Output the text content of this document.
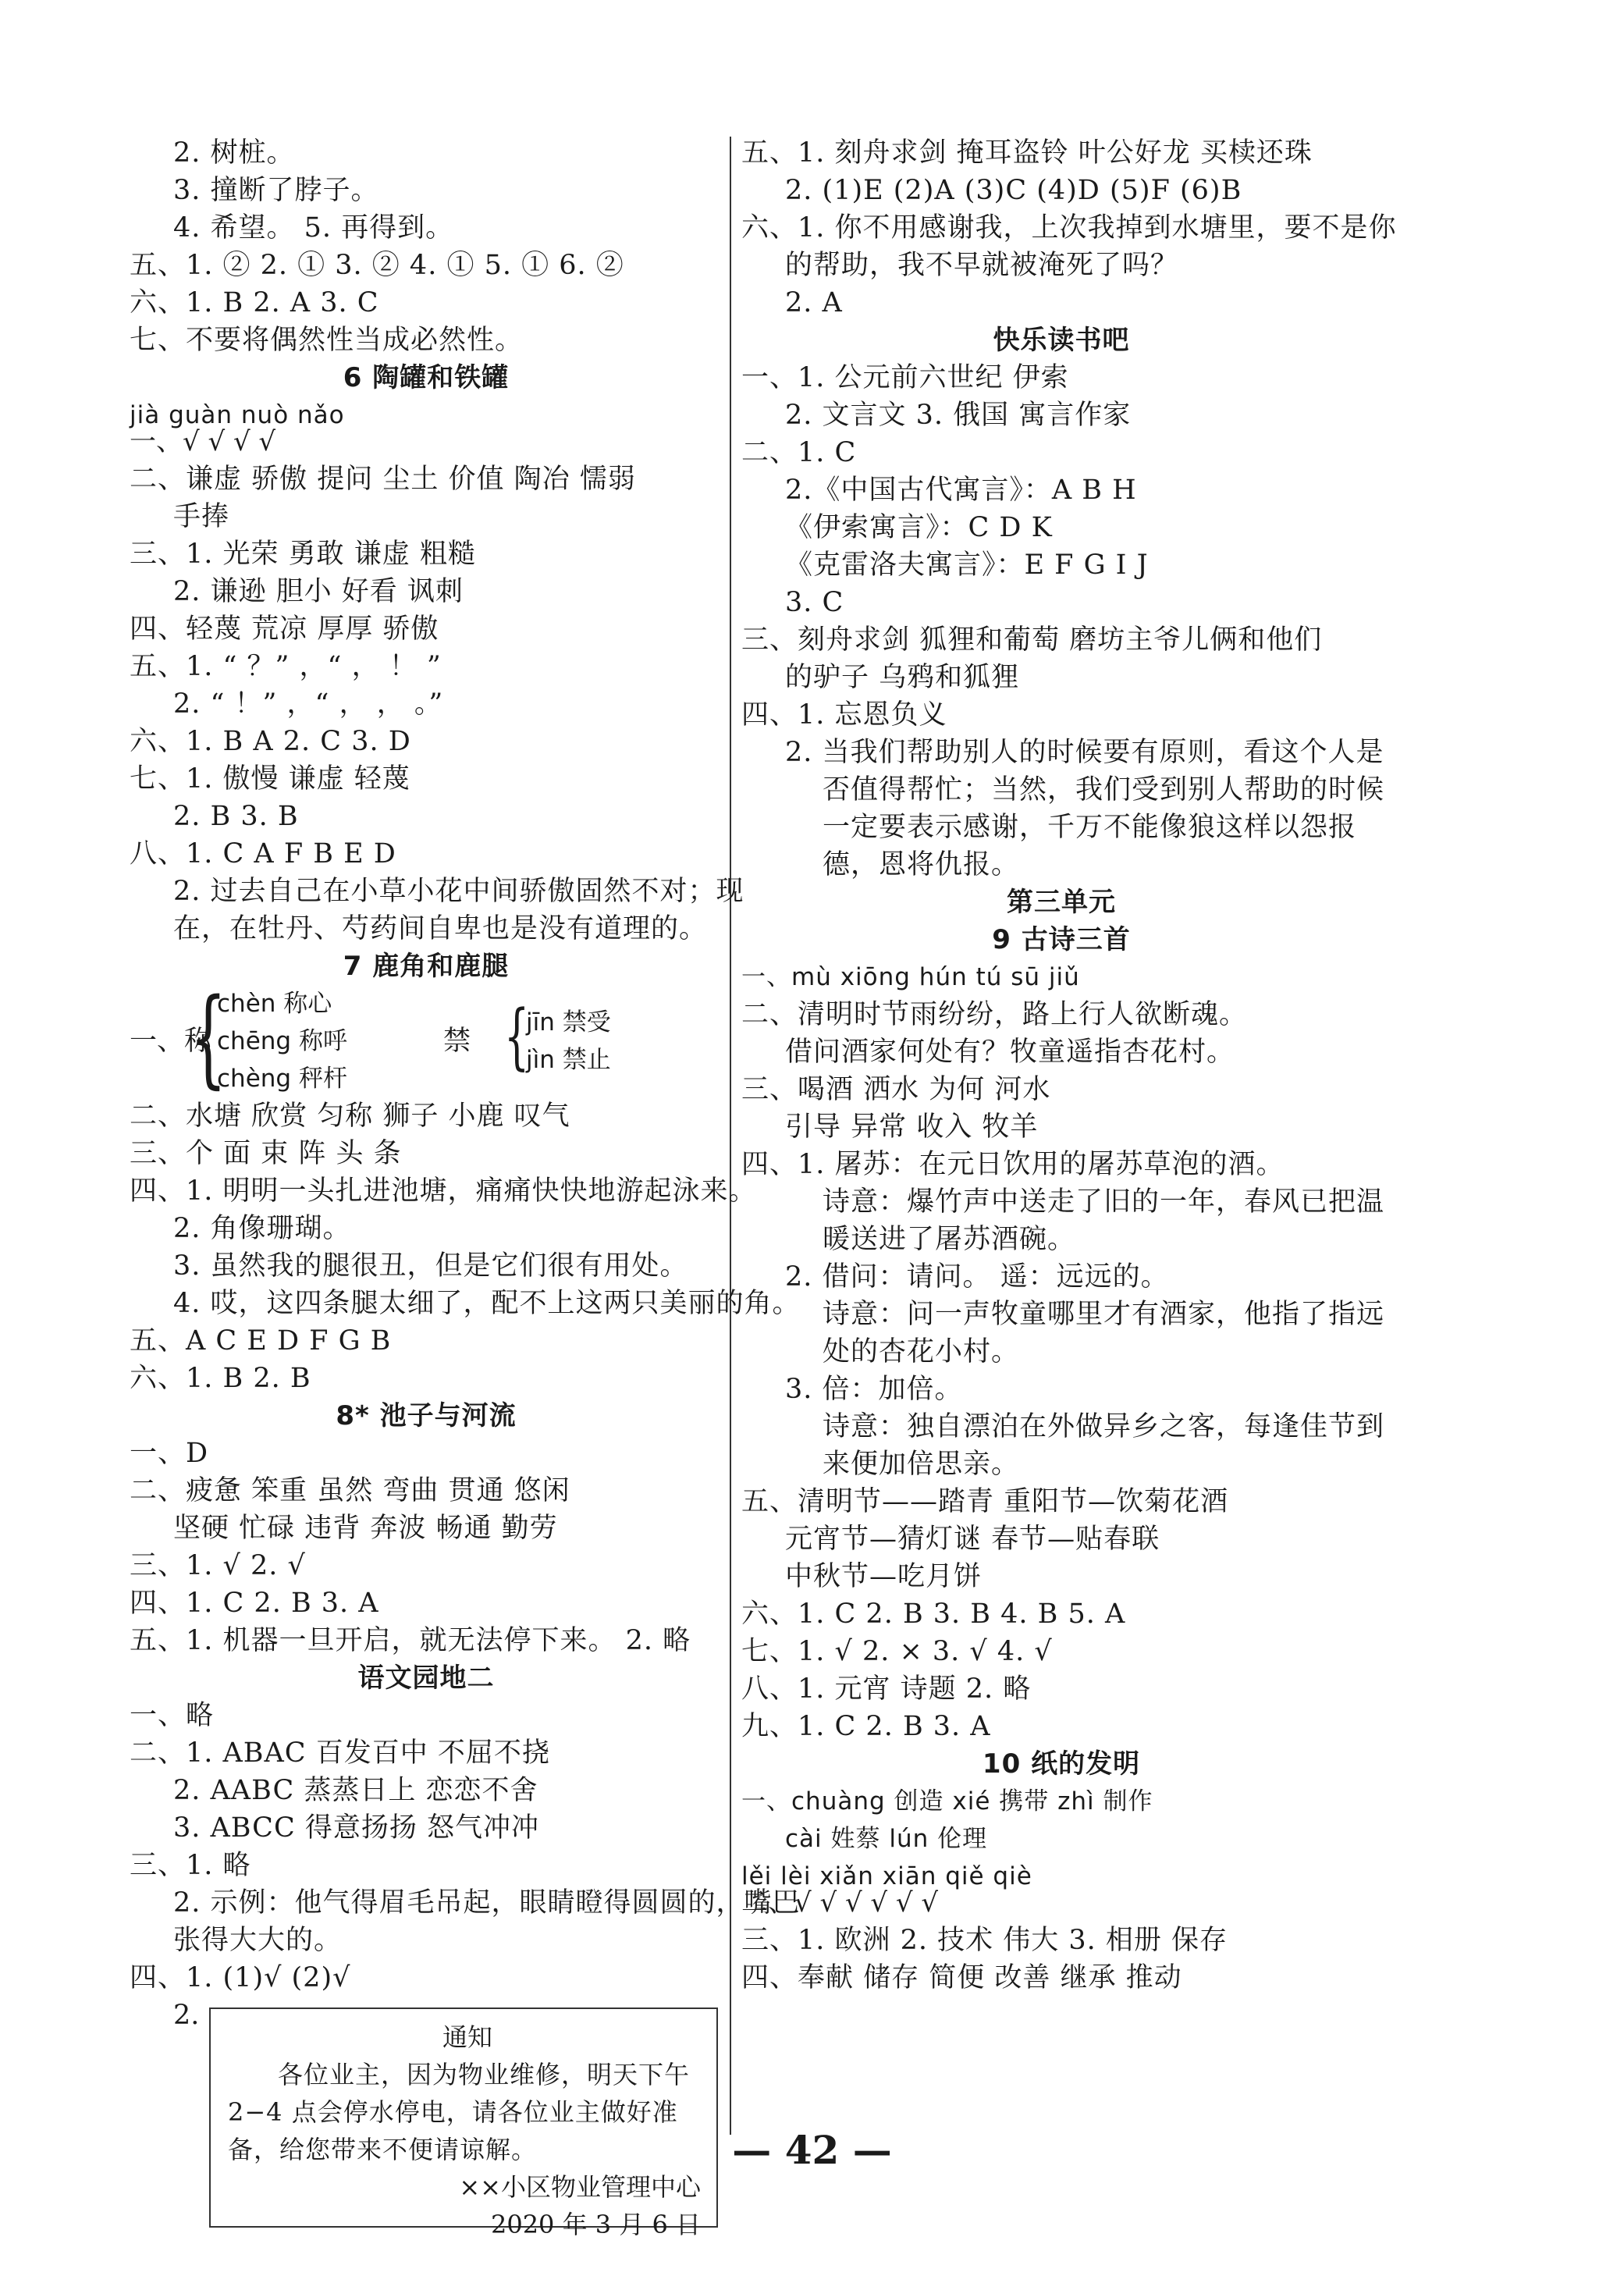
2. 树桩。
3. 撞断了脖子。
4. 希望。 5. 再得到。
五、1. ② 2. ① 3. ② 4. ① 5. ① 6. ②
六、1. B 2. A 3. C
七、不要将偶然性当成必然性。
6 陶罐和铁罐
jià guàn nuò nǎo
一、√ √ √ √
二、谦虚 骄傲 提问 尘土 价值 陶冶 懦弱
手捧
三、1. 光荣 勇敢 谦虚 粗糙
2. 谦逊 胆小 好看 讽刺
四、轻蔑 荒凉 厚厚 骄傲
五、1. “ ？” ，“ ， ！ ”
2. “ ！” ，“ ， ， 。”
六、1. B A 2. C 3. D
七、1. 傲慢 谦虚 轻蔑
2. B 3. B
八、1. C A F B E D
2. 过去自己在小草小花中间骄傲固然不对；现
在，在牡丹、芍药间自卑也是没有道理的。
7 鹿角和鹿腿
一、称
{
chèn 称心
chēng 称呼
chèng 秤杆
禁 {
jīn 禁受
jìn 禁止
二、水塘 欣赏 匀称 狮子 小鹿 叹气
三、个 面 束 阵 头 条
四、1. 明明一头扎进池塘，痛痛快快地游起泳来。
2. 角像珊瑚。
3. 虽然我的腿很丑，但是它们很有用处。
4. 哎，这四条腿太细了，配不上这两只美丽的角。
五、A C E D F G B
六、1. B 2. B
8* 池子与河流
一、D
二、疲惫 笨重 虽然 弯曲 贯通 悠闲
坚硬 忙碌 违背 奔波 畅通 勤劳
三、1. √ 2. √
四、1. C 2. B 3. A
五、1. 机器一旦开启，就无法停下来。 2. 略
语文园地二
一、略
二、1. ABAC 百发百中 不屈不挠
2. AABC 蒸蒸日上 恋恋不舍
3. ABCC 得意扬扬 怒气冲冲
三、1. 略
2. 示例：他气得眉毛吊起，眼睛瞪得圆圆的，嘴巴
张得大大的。
四、1. (1)√ (2)√
2.
通知
各位业主，因为物业维修，明天下午 2−4 点会停水停电，请各位业主做好准备，给您带来不便请谅解。
××小区物业管理中心
2020 年 3 月 6 日
五、1. 刻舟求剑 掩耳盗铃 叶公好龙 买椟还珠
2. (1)E (2)A (3)C (4)D (5)F (6)B
六、1. 你不用感谢我，上次我掉到水塘里，要不是你
的帮助，我不早就被淹死了吗？
2. A
快乐读书吧
一、1. 公元前六世纪 伊索
2. 文言文 3. 俄国 寓言作家
二、1. C
2.《中国古代寓言》：A B H
《伊索寓言》：C D K
《克雷洛夫寓言》：E F G I J
3. C
三、刻舟求剑 狐狸和葡萄 磨坊主爷儿俩和他们
的驴子 乌鸦和狐狸
四、1. 忘恩负义
2. 当我们帮助别人的时候要有原则，看这个人是
否值得帮忙；当然，我们受到别人帮助的时候
一定要表示感谢，千万不能像狼这样以怨报
德，恩将仇报。
第三单元
9 古诗三首
一、mù xiōng hún tú sū jiǔ
二、清明时节雨纷纷，路上行人欲断魂。
借问酒家何处有？牧童遥指杏花村。
三、喝酒 洒水 为何 河水
引导 异常 收入 牧羊
四、1. 屠苏：在元日饮用的屠苏草泡的酒。
诗意：爆竹声中送走了旧的一年，春风已把温
暖送进了屠苏酒碗。
2. 借问：请问。 遥：远远的。
诗意：问一声牧童哪里才有酒家，他指了指远
处的杏花小村。
3. 倍：加倍。
诗意：独自漂泊在外做异乡之客，每逢佳节到
来便加倍思亲。
五、清明节——踏青 重阳节—饮菊花酒
元宵节—猜灯谜 春节—贴春联
中秋节—吃月饼
六、1. C 2. B 3. B 4. B 5. A
七、1. √ 2. × 3. √ 4. √
八、1. 元宵 诗题 2. 略
九、1. C 2. B 3. A
10 纸的发明
一、chuàng 创造 xié 携带 zhì 制作
cài 姓蔡 lún 伦理
lěi lèi xiǎn xiān qiě qiè
二、√ √ √ √ √ √
三、1. 欧洲 2. 技术 伟大 3. 相册 保存
四、奉献 储存 简便 改善 继承 推动
— 42 —
